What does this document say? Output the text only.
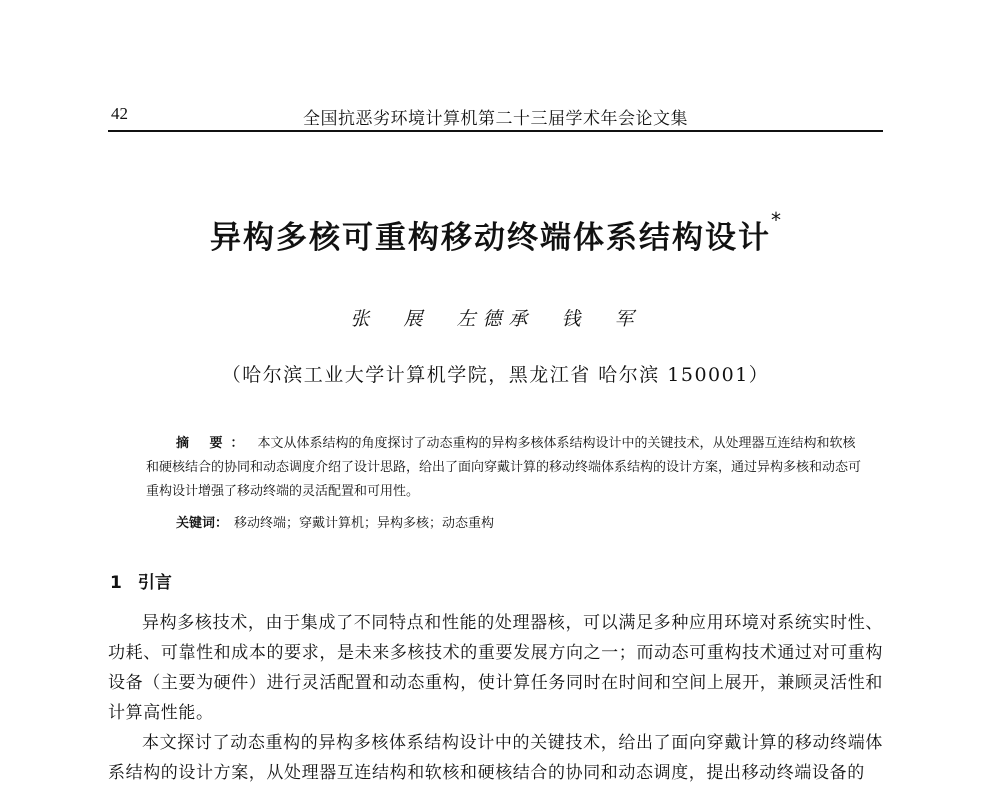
42	全国抗恶劣环境计算机第二十三届学术年会论文集
异构多核可重构移动终端体系结构设计*
张 展 左德承 钱 军
（哈尔滨工业大学计算机学院，黑龙江省 哈尔滨 150001）
摘 要： 本文从体系结构的角度探讨了动态重构的异构多核体系结构设计中的关键技术，从处理器互连结构和软核和硬核结合的协同和动态调度介绍了设计思路，给出了面向穿戴计算的移动终端体系结构的设计方案，通过异构多核和动态可重构设计增强了移动终端的灵活配置和可用性。
关键词： 移动终端；穿戴计算机；异构多核；动态重构
1 引言

异构多核技术，由于集成了不同特点和性能的处理器核，可以满足多种应用环境对系统实时性、功耗、可靠性和成本的要求，是未来多核技术的重要发展方向之一；而动态可重构技术通过对可重构设备（主要为硬件）进行灵活配置和动态重构，使计算任务同时在时间和空间上展开，兼顾灵活性和计算高性能。

本文探讨了动态重构的异构多核体系结构设计中的关键技术，给出了面向穿戴计算的移动终端体系结构的设计方案，从处理器互连结构和软核和硬核结合的协同和动态调度，提出移动终端设备的
